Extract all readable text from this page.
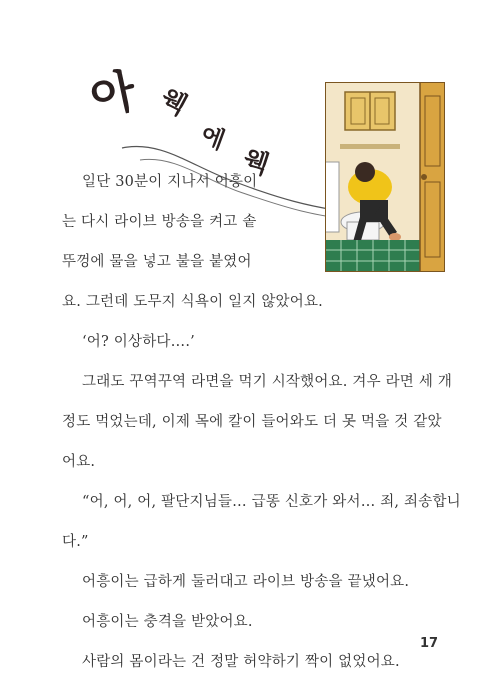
아 웩
에
웩

일단 30분이 지나서 어흥이

는 다시 라이브 방송을 켜고 솥

뚜껑에 물을 넣고 불을 붙였어

요. 그런데 도무지 식욕이 일지 않았어요.

‘어? 이상하다….’

그래도 꾸역꾸역 라면을 먹기 시작했어요. 겨우 라면 세 개

정도 먹었는데, 이제 목에 칼이 들어와도 더 못 먹을 것 같았

어요.

“어, 어, 어, 팔단지님들… 급똥 신호가 와서… 죄, 죄송합니

다.”

어흥이는 급하게 둘러대고 라이브 방송을 끝냈어요.

어흥이는 충격을 받았어요.

사람의 몸이라는 건 정말 허약하기 짝이 없었어요.

17
